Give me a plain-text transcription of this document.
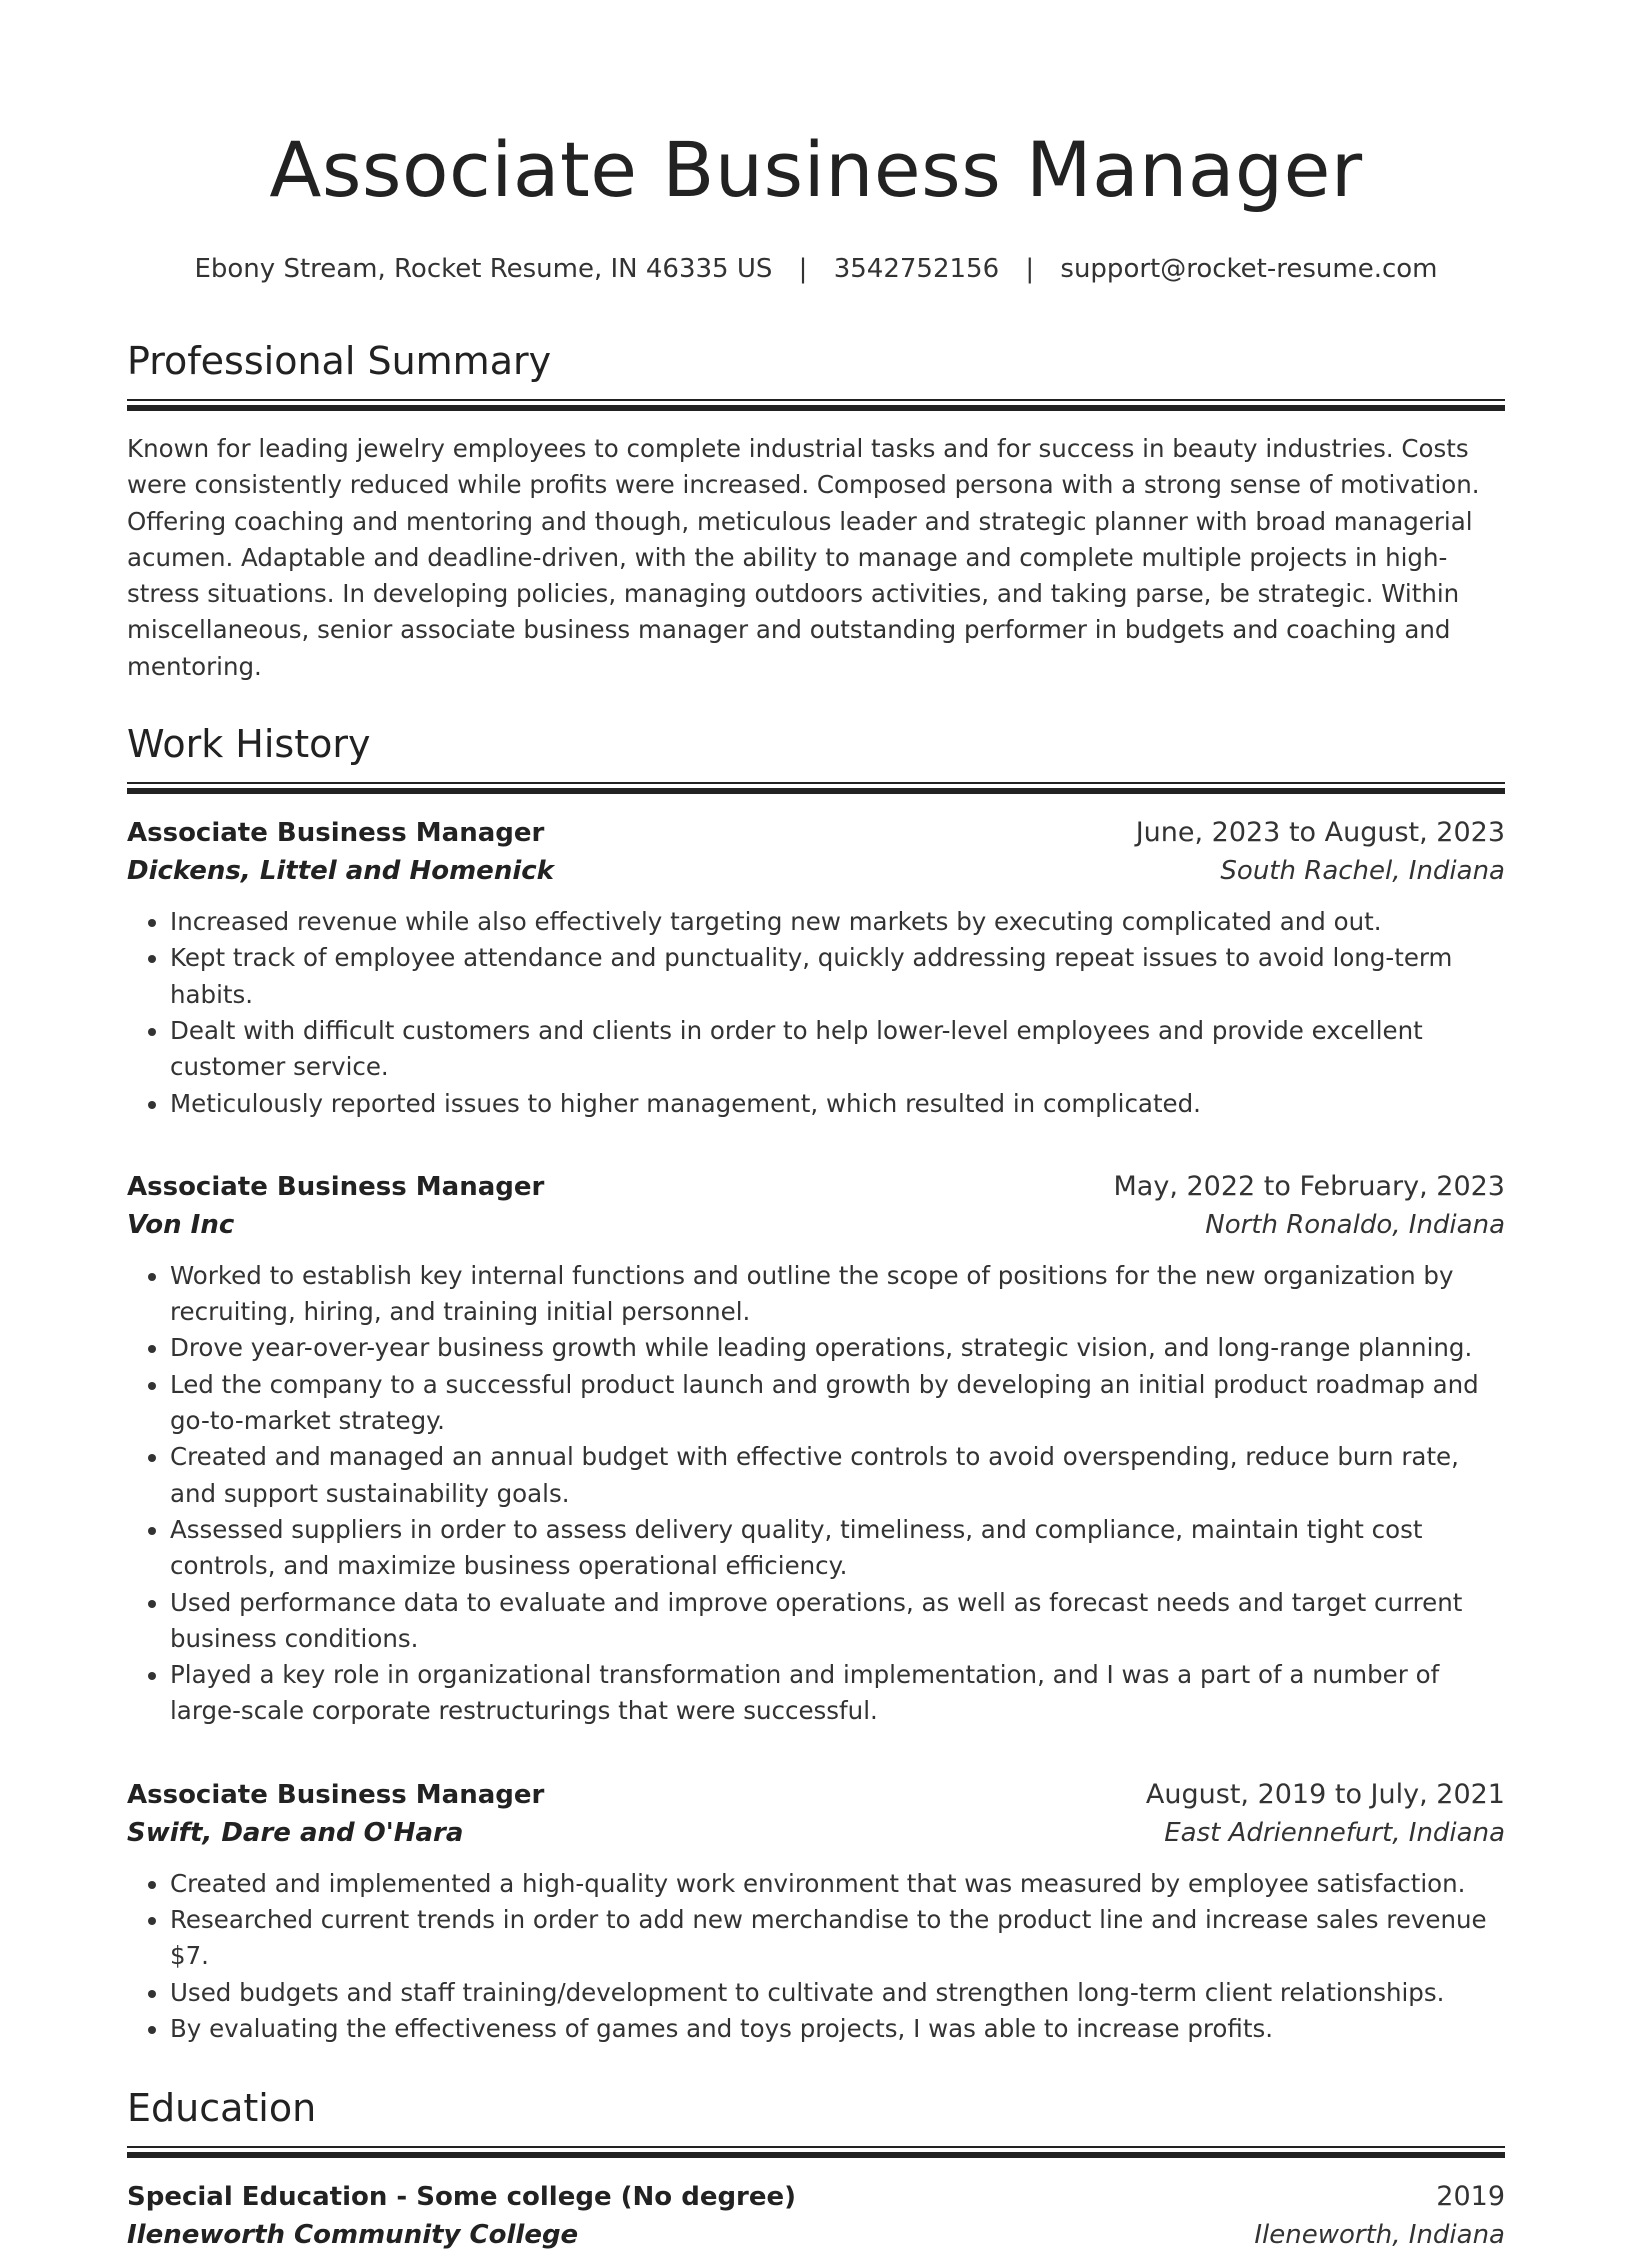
Associate Business Manager
Ebony Stream, Rocket Resume, IN 46335 US | 3542752156 | support@rocket-resume.com
Professional Summary

Known for leading jewelry employees to complete industrial tasks and for success in beauty industries. Costs were consistently reduced while profits were increased. Composed persona with a strong sense of motivation. Offering coaching and mentoring and though, meticulous leader and strategic planner with broad managerial acumen. Adaptable and deadline-driven, with the ability to manage and complete multiple projects in high-stress situations. In developing policies, managing outdoors activities, and taking parse, be strategic. Within miscellaneous, senior associate business manager and outstanding performer in budgets and coaching and mentoring.

Work History
Associate Business Manager	June, 2023 to August, 2023
Dickens, Littel and Homenick	South Rachel, Indiana
• Increased revenue while also effectively targeting new markets by executing complicated and out.
• Kept track of employee attendance and punctuality, quickly addressing repeat issues to avoid long-term habits.
• Dealt with difficult customers and clients in order to help lower-level employees and provide excellent customer service.
• Meticulously reported issues to higher management, which resulted in complicated.
Associate Business Manager	May, 2022 to February, 2023
Von Inc	North Ronaldo, Indiana
• Worked to establish key internal functions and outline the scope of positions for the new organization by recruiting, hiring, and training initial personnel.
• Drove year-over-year business growth while leading operations, strategic vision, and long-range planning.
• Led the company to a successful product launch and growth by developing an initial product roadmap and go-to-market strategy.
• Created and managed an annual budget with effective controls to avoid overspending, reduce burn rate, and support sustainability goals.
• Assessed suppliers in order to assess delivery quality, timeliness, and compliance, maintain tight cost controls, and maximize business operational efficiency.
• Used performance data to evaluate and improve operations, as well as forecast needs and target current business conditions.
• Played a key role in organizational transformation and implementation, and I was a part of a number of large-scale corporate restructurings that were successful.
Associate Business Manager	August, 2019 to July, 2021
Swift, Dare and O'Hara	East Adriennefurt, Indiana
• Created and implemented a high-quality work environment that was measured by employee satisfaction.
• Researched current trends in order to add new merchandise to the product line and increase sales revenue $7.
• Used budgets and staff training/development to cultivate and strengthen long-term client relationships.
• By evaluating the effectiveness of games and toys projects, I was able to increase profits.
Education
Special Education - Some college (No degree)	2019
Ileneworth Community College	Ileneworth, Indiana
